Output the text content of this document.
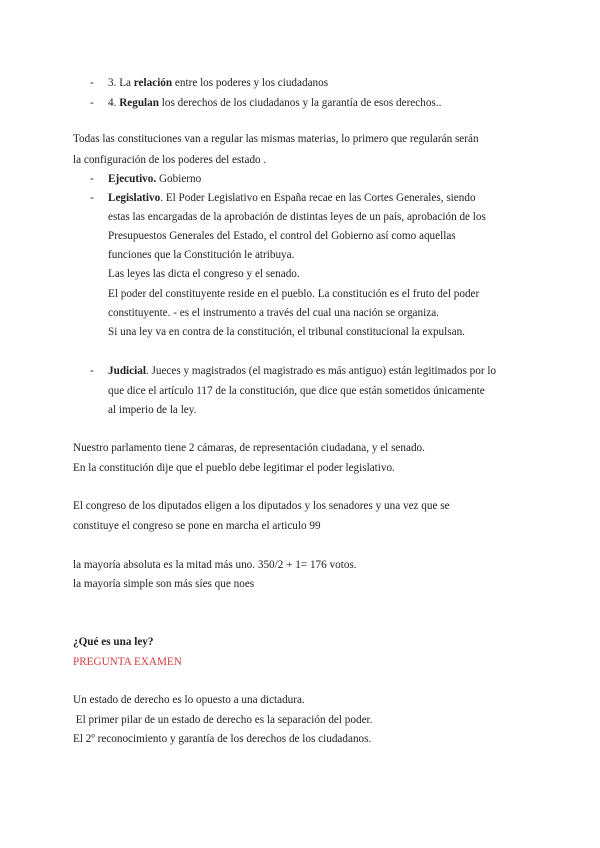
- 3. La relación entre los poderes y los ciudadanos
- 4. Regulan los derechos de los ciudadanos y la garantía de esos derechos..
Todas las constituciones van a regular las mismas materias, lo primero que regularán serán
la configuración de los poderes del estado .
- Ejecutivo. Gobierno
- Legislativo. El Poder Legislativo en España recae en las Cortes Generales, siendo
estas las encargadas de la aprobación de distintas leyes de un país, aprobación de los
Presupuestos Generales del Estado, el control del Gobierno así como aquellas
funciones que la Constitución le atribuya.
Las leyes las dicta el congreso y el senado.
El poder del constituyente reside en el pueblo. La constitución es el fruto del poder
constituyente. - es el instrumento a través del cual una nación se organiza.
Si una ley va en contra de la constitución, el tribunal constitucional la expulsan.
- Judicial. Jueces y magistrados (el magistrado es más antiguo) están legitimados por lo
que dice el artículo 117 de la constitución, que dice que están sometidos únicamente
al imperio de la ley.
Nuestro parlamento tiene 2 cámaras, de representación ciudadana, y el senado.
En la constitución dije que el pueblo debe legitimar el poder legislativo.
El congreso de los diputados eligen a los diputados y los senadores y una vez que se
constituye el congreso se pone en marcha el articulo 99
la mayoría absoluta es la mitad más uno. 350/2 + 1= 176 votos.
la mayoría simple son más síes que noes
¿Qué es una ley?
PREGUNTA EXAMEN
Un estado de derecho es lo opuesto a una dictadura.
El primer pilar de un estado de derecho es la separación del poder.
El 2º reconocimiento y garantía de los derechos de los ciudadanos.
